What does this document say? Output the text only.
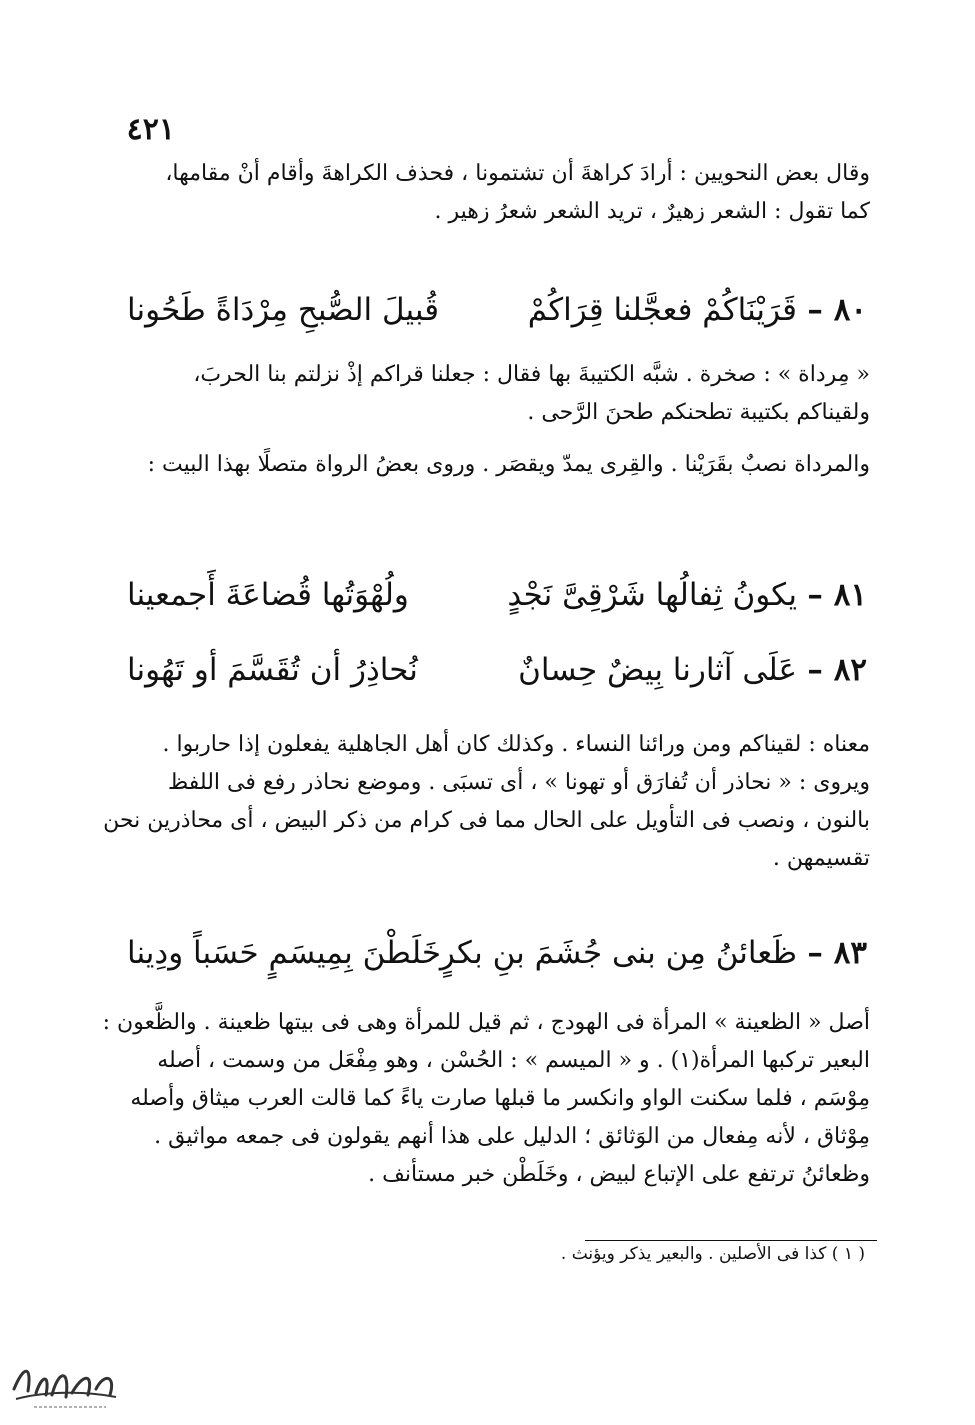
٤٢١

وقال بعض النحويين : أرادَ كراهةَ أن تشتمونا ، فحذف الكراهةَ وأقام أنْ مقامها،

كما تقول : الشعر زهيرٌ ، تريد الشعر شعرُ زهير .

٨٠ –
قَرَيْنَاكُمْ فعجَّلنا قِرَاكُمْ
قُبيلَ الصُّبحِ مِرْدَاةً طَحُونا

« مِرداة » : صخرة . شبَّه الكتيبةَ بها فقال : جعلنا قراكم إذْ نزلتم بنا الحربَ،

ولقيناكم بكتيبة تطحنكم طحنَ الرَّحى .

والمرداة نصبٌ بقَرَيْنا . والقِرى يمدّ ويقصَر . وروى بعضُ الرواة متصلًا بهذا البيت :

٨١ –
يكونُ ثِفالُها شَرْقِىَّ نَجْدٍ
ولُهْوَتُها قُضاعَةَ أَجمعينا
٨٢ –
عَلَى آثارنا بِيضٌ حِسانٌ
نُحاذِرُ أن تُقَسَّمَ أو تَهُونا

معناه : لقيناكم ومن ورائنا النساء . وكذلك كان أهل الجاهلية يفعلون إذا حاربوا .

ويروى : « نحاذر أن تُفارَق أو تهونا » ، أى تسبَى . وموضع نحاذر رفع فى اللفظ

بالنون ، ونصب فى التأويل على الحال مما فى كرام من ذكر البيض ، أى محاذرين نحن

تقسيمهن .

٨٣ –
ظَعائنُ مِن بنى جُشَمَ بنِ بكرٍ
خَلَطْنَ بِمِيسَمٍ حَسَباً ودِينا

أصل « الظعينة » المرأة فى الهودج ، ثم قيل للمرأة وهى فى بيتها ظعينة . والظَّعون :

البعير تركبها المرأة(١) . و « الميسم » : الحُسْن ، وهو مِفْعَل من وسمت ، أصله

مِوْسَم ، فلما سكنت الواو وانكسر ما قبلها صارت ياءً كما قالت العرب ميثاق وأصله

مِوْثاق ، لأنه مِفعال من الوَثائق ؛ الدليل على هذا أنهم يقولون فى جمعه مواثيق .

وظعائنُ ترتفع على الإتباع لبيض ، وخَلَطْن خبر مستأنف .

( ١ ) كذا فى الأصلين . والبعير يذكر ويؤنث .
